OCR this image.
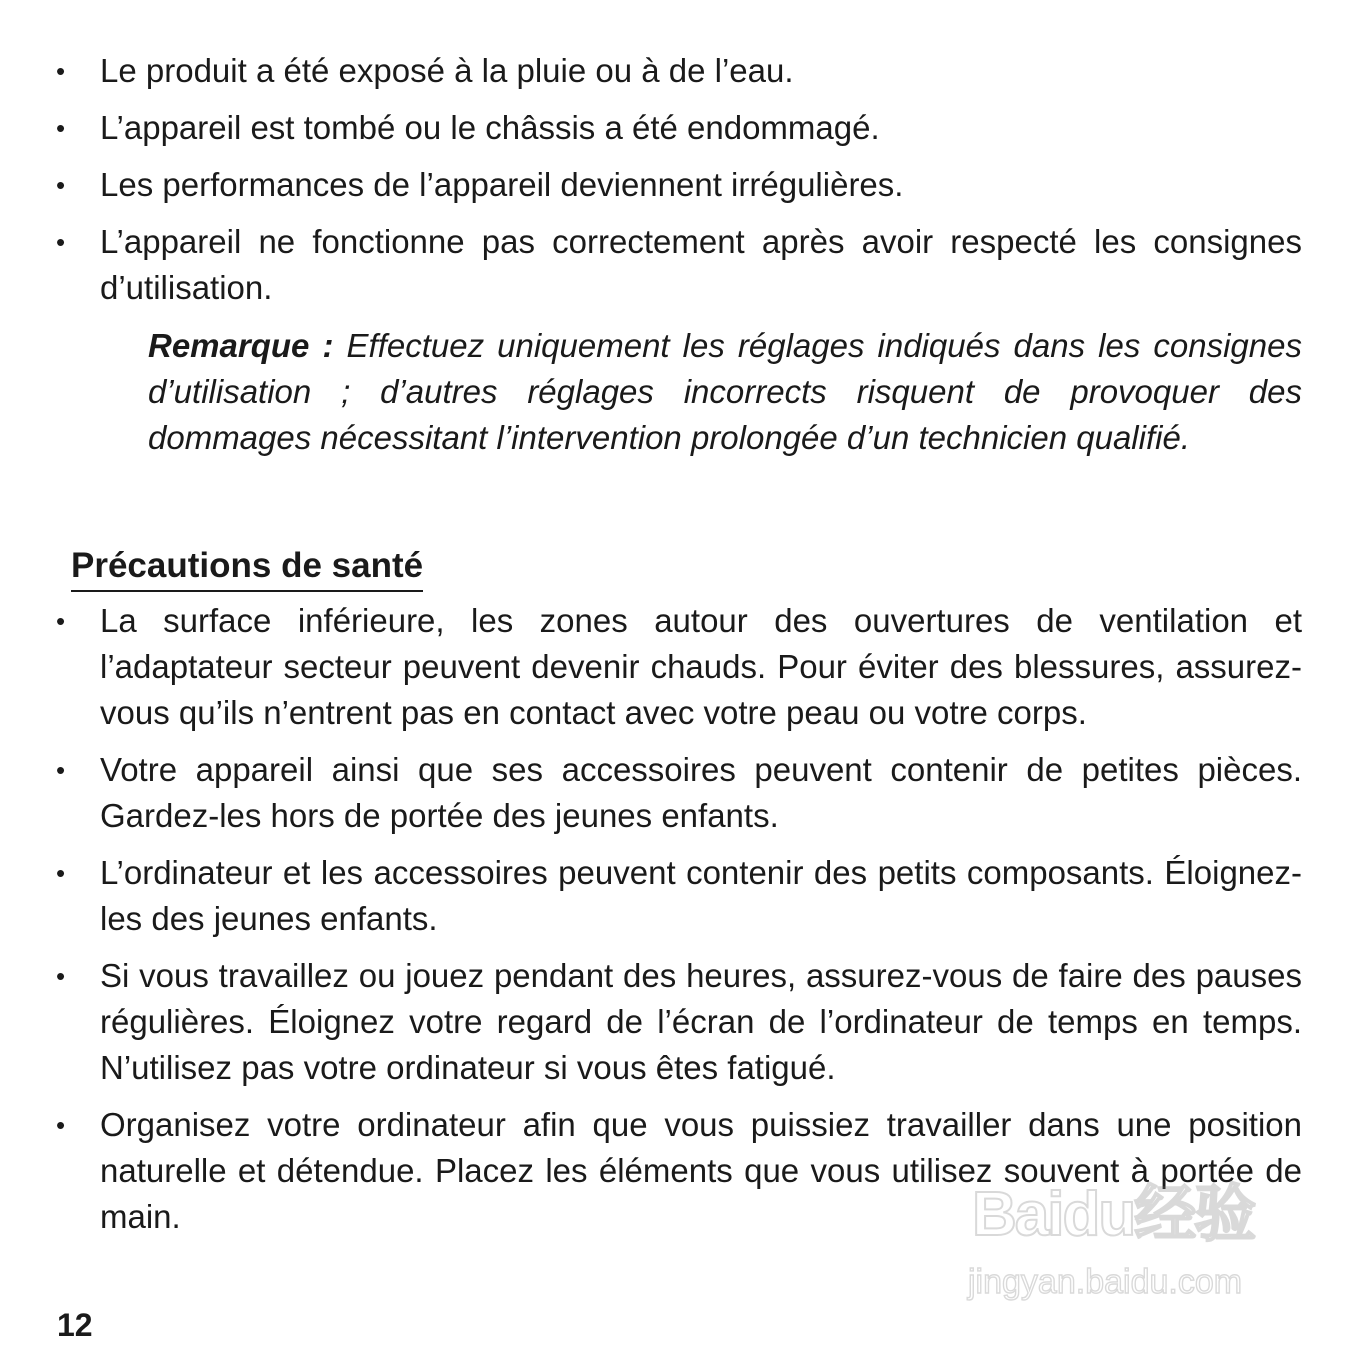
•	Le produit a été exposé à la pluie ou à de l’eau.
•	L’appareil est tombé ou le châssis a été endommagé.
•	Les performances de l’appareil deviennent irrégulières.
•	L’appareil ne fonctionne pas correctement après avoir respecté les consignes d’utilisation.

Remarque : Effectuez uniquement les réglages indiqués dans les consignes d’utilisation ; d’autres réglages incorrects risquent de provoquer des dommages nécessitant l’intervention prolongée d’un technicien qualifié.

Précautions de santé
•	La surface inférieure, les zones autour des ouvertures de ventilation et l’adaptateur secteur peuvent devenir chauds. Pour éviter des blessures, assurez-vous qu’ils n’entrent pas en contact avec votre peau ou votre corps.
•	Votre appareil ainsi que ses accessoires peuvent contenir de petites pièces. Gardez-les hors de portée des jeunes enfants.
•	L’ordinateur et les accessoires peuvent contenir des petits composants. Éloignez-les des jeunes enfants.
•	Si vous travaillez ou jouez pendant des heures, assurez-vous de faire des pauses régulières. Éloignez votre regard de l’écran de l’ordinateur de temps en temps. N’utilisez pas votre ordinateur si vous êtes fatigué.
•	Organisez votre ordinateur afin que vous puissiez travailler dans une position naturelle et détendue. Placez les éléments que vous utilisez souvent à portée de main.
12
Baidu经验
jingyan.baidu.com
